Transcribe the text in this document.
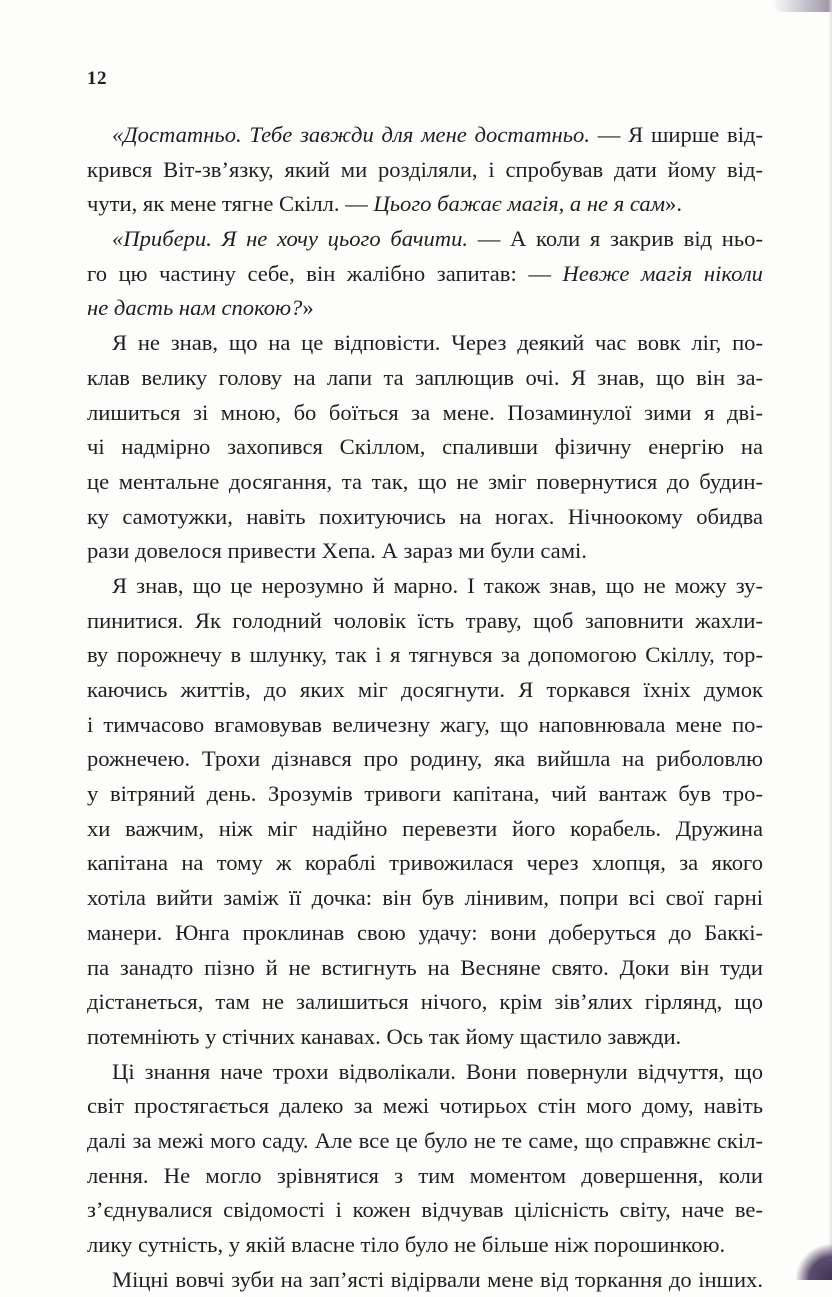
12
«Достатньо. Тебе завжди для мене достатньо. — Я ширше від-
крився Віт-зв’язку, який ми розділяли, і спробував дати йому від-
чути, як мене тягне Скілл. — Цього бажає магія, а не я сам».
«Прибери. Я не хочу цього бачити. — А коли я закрив від ньо-
го цю частину себе, він жалібно запитав: — Невже магія ніколи
не дасть нам спокою?»
Я не знав, що на це відповісти. Через деякий час вовк ліг, по-
клав велику голову на лапи та заплющив очі. Я знав, що він за-
лишиться зі мною, бо боїться за мене. Позаминулої зими я дві-
чі надмірно захопився Скіллом, спаливши фізичну енергію на
це ментальне досягання, та так, що не зміг повернутися до будин-
ку самотужки, навіть похитуючись на ногах. Нічноокому обидва
рази довелося привести Хепа. А зараз ми були самі.
Я знав, що це нерозумно й марно. І також знав, що не можу зу-
пинитися. Як голодний чоловік їсть траву, щоб заповнити жахли-
ву порожнечу в шлунку, так і я тягнувся за допомогою Скіллу, тор-
каючись життів, до яких міг досягнути. Я торкався їхніх думок
і тимчасово вгамовував величезну жагу, що наповнювала мене по-
рожнечею. Трохи дізнався про родину, яка вийшла на риболовлю
у вітряний день. Зрозумів тривоги капітана, чий вантаж був тро-
хи важчим, ніж міг надійно перевезти його корабель. Дружина
капітана на тому ж кораблі тривожилася через хлопця, за якого
хотіла вийти заміж її дочка: він був лінивим, попри всі свої гарні
манери. Юнга проклинав свою удачу: вони доберуться до Баккі-
па занадто пізно й не встигнуть на Весняне свято. Доки він туди
дістанеться, там не залишиться нічого, крім зів’ялих гірлянд, що
потемніють у стічних канавах. Ось так йому щастило завжди.
Ці знання наче трохи відволікали. Вони повернули відчуття, що
світ простягається далеко за межі чотирьох стін мого дому, навіть
далі за межі мого саду. Але все це було не те саме, що справжнє скіл-
лення. Не могло зрівнятися з тим моментом довершення, коли
з’єднувалися свідомості і кожен відчував цілісність світу, наче ве-
лику сутність, у якій власне тіло було не більше ніж порошинкою.
Міцні вовчі зуби на зап’ясті відірвали мене від торкання до інших.
